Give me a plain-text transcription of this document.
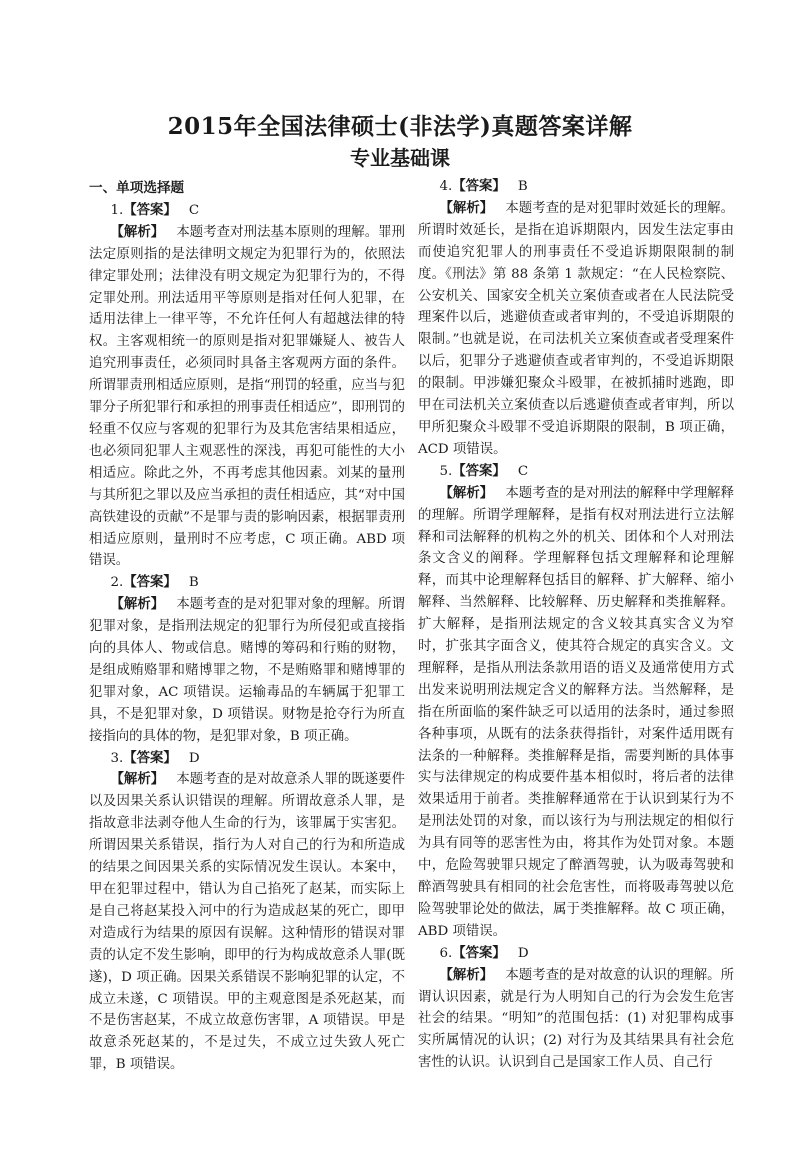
2015年全国法律硕士(非法学)真题答案详解
专业基础课

一、单项选择题

1.【答案】 C

【解析】 本题考查对刑法基本原则的理解。罪刑法定原则指的是法律明文规定为犯罪行为的，依照法律定罪处刑；法律没有明文规定为犯罪行为的，不得定罪处刑。刑法适用平等原则是指对任何人犯罪，在适用法律上一律平等，不允许任何人有超越法律的特权。主客观相统一的原则是指对犯罪嫌疑人、被告人追究刑事责任，必须同时具备主客观两方面的条件。所谓罪责刑相适应原则，是指“刑罚的轻重，应当与犯罪分子所犯罪行和承担的刑事责任相适应”，即刑罚的轻重不仅应与客观的犯罪行为及其危害结果相适应，也必须同犯罪人主观恶性的深浅，再犯可能性的大小相适应。除此之外，不再考虑其他因素。刘某的量刑与其所犯之罪以及应当承担的责任相适应，其“对中国高铁建设的贡献”不是罪与责的影响因素，根据罪责刑相适应原则，量刑时不应考虑，C 项正确。ABD 项错误。

2.【答案】 B

【解析】 本题考查的是对犯罪对象的理解。所谓犯罪对象，是指刑法规定的犯罪行为所侵犯或直接指向的具体人、物或信息。赌博的筹码和行贿的财物，是组成贿赂罪和赌博罪之物，不是贿赂罪和赌博罪的犯罪对象，AC 项错误。运输毒品的车辆属于犯罪工具，不是犯罪对象，D 项错误。财物是抢夺行为所直接指向的具体的物，是犯罪对象，B 项正确。

3.【答案】 D

【解析】 本题考查的是对故意杀人罪的既遂要件以及因果关系认识错误的理解。所谓故意杀人罪，是指故意非法剥夺他人生命的行为，该罪属于实害犯。所谓因果关系错误，指行为人对自己的行为和所造成的结果之间因果关系的实际情况发生误认。本案中，甲在犯罪过程中，错认为自己掐死了赵某，而实际上是自己将赵某投入河中的行为造成赵某的死亡，即甲对造成行为结果的原因有误解。这种情形的错误对罪责的认定不发生影响，即甲的行为构成故意杀人罪(既遂)，D 项正确。因果关系错误不影响犯罪的认定，不成立未遂，C 项错误。甲的主观意图是杀死赵某，而不是伤害赵某，不成立故意伤害罪，A 项错误。甲是故意杀死赵某的，不是过失，不成立过失致人死亡罪，B 项错误。

4.【答案】 B

【解析】 本题考查的是对犯罪时效延长的理解。所谓时效延长，是指在追诉期限内，因发生法定事由而使追究犯罪人的刑事责任不受追诉期限限制的制度。《刑法》第 88 条第 1 款规定：“在人民检察院、公安机关、国家安全机关立案侦查或者在人民法院受理案件以后，逃避侦查或者审判的，不受追诉期限的限制。”也就是说，在司法机关立案侦查或者受理案件以后，犯罪分子逃避侦查或者审判的，不受追诉期限的限制。甲涉嫌犯聚众斗殴罪，在被抓捕时逃跑，即甲在司法机关立案侦查以后逃避侦查或者审判，所以甲所犯聚众斗殴罪不受追诉期限的限制，B 项正确，ACD 项错误。

5.【答案】 C

【解析】 本题考查的是对刑法的解释中学理解释的理解。所谓学理解释，是指有权对刑法进行立法解释和司法解释的机构之外的机关、团体和个人对刑法条文含义的阐释。学理解释包括文理解释和论理解释，而其中论理解释包括目的解释、扩大解释、缩小解释、当然解释、比较解释、历史解释和类推解释。扩大解释，是指刑法规定的含义较其真实含义为窄时，扩张其字面含义，使其符合规定的真实含义。文理解释，是指从刑法条款用语的语义及通常使用方式出发来说明刑法规定含义的解释方法。当然解释，是指在所面临的案件缺乏可以适用的法条时，通过参照各种事项，从既有的法条获得指针，对案件适用既有法条的一种解释。类推解释是指，需要判断的具体事实与法律规定的构成要件基本相似时，将后者的法律效果适用于前者。类推解释通常在于认识到某行为不是刑法处罚的对象，而以该行为与刑法规定的相似行为具有同等的恶害性为由，将其作为处罚对象。本题中，危险驾驶罪只规定了醉酒驾驶，认为吸毒驾驶和醉酒驾驶具有相同的社会危害性，而将吸毒驾驶以危险驾驶罪论处的做法，属于类推解释。故 C 项正确，ABD 项错误。

6.【答案】 D

【解析】 本题考查的是对故意的认识的理解。所谓认识因素，就是行为人明知自己的行为会发生危害社会的结果。“明知”的范围包括：(1) 对犯罪构成事实所属情况的认识；(2) 对行为及其结果具有社会危害性的认识。认识到自己是国家工作人员、自己行
